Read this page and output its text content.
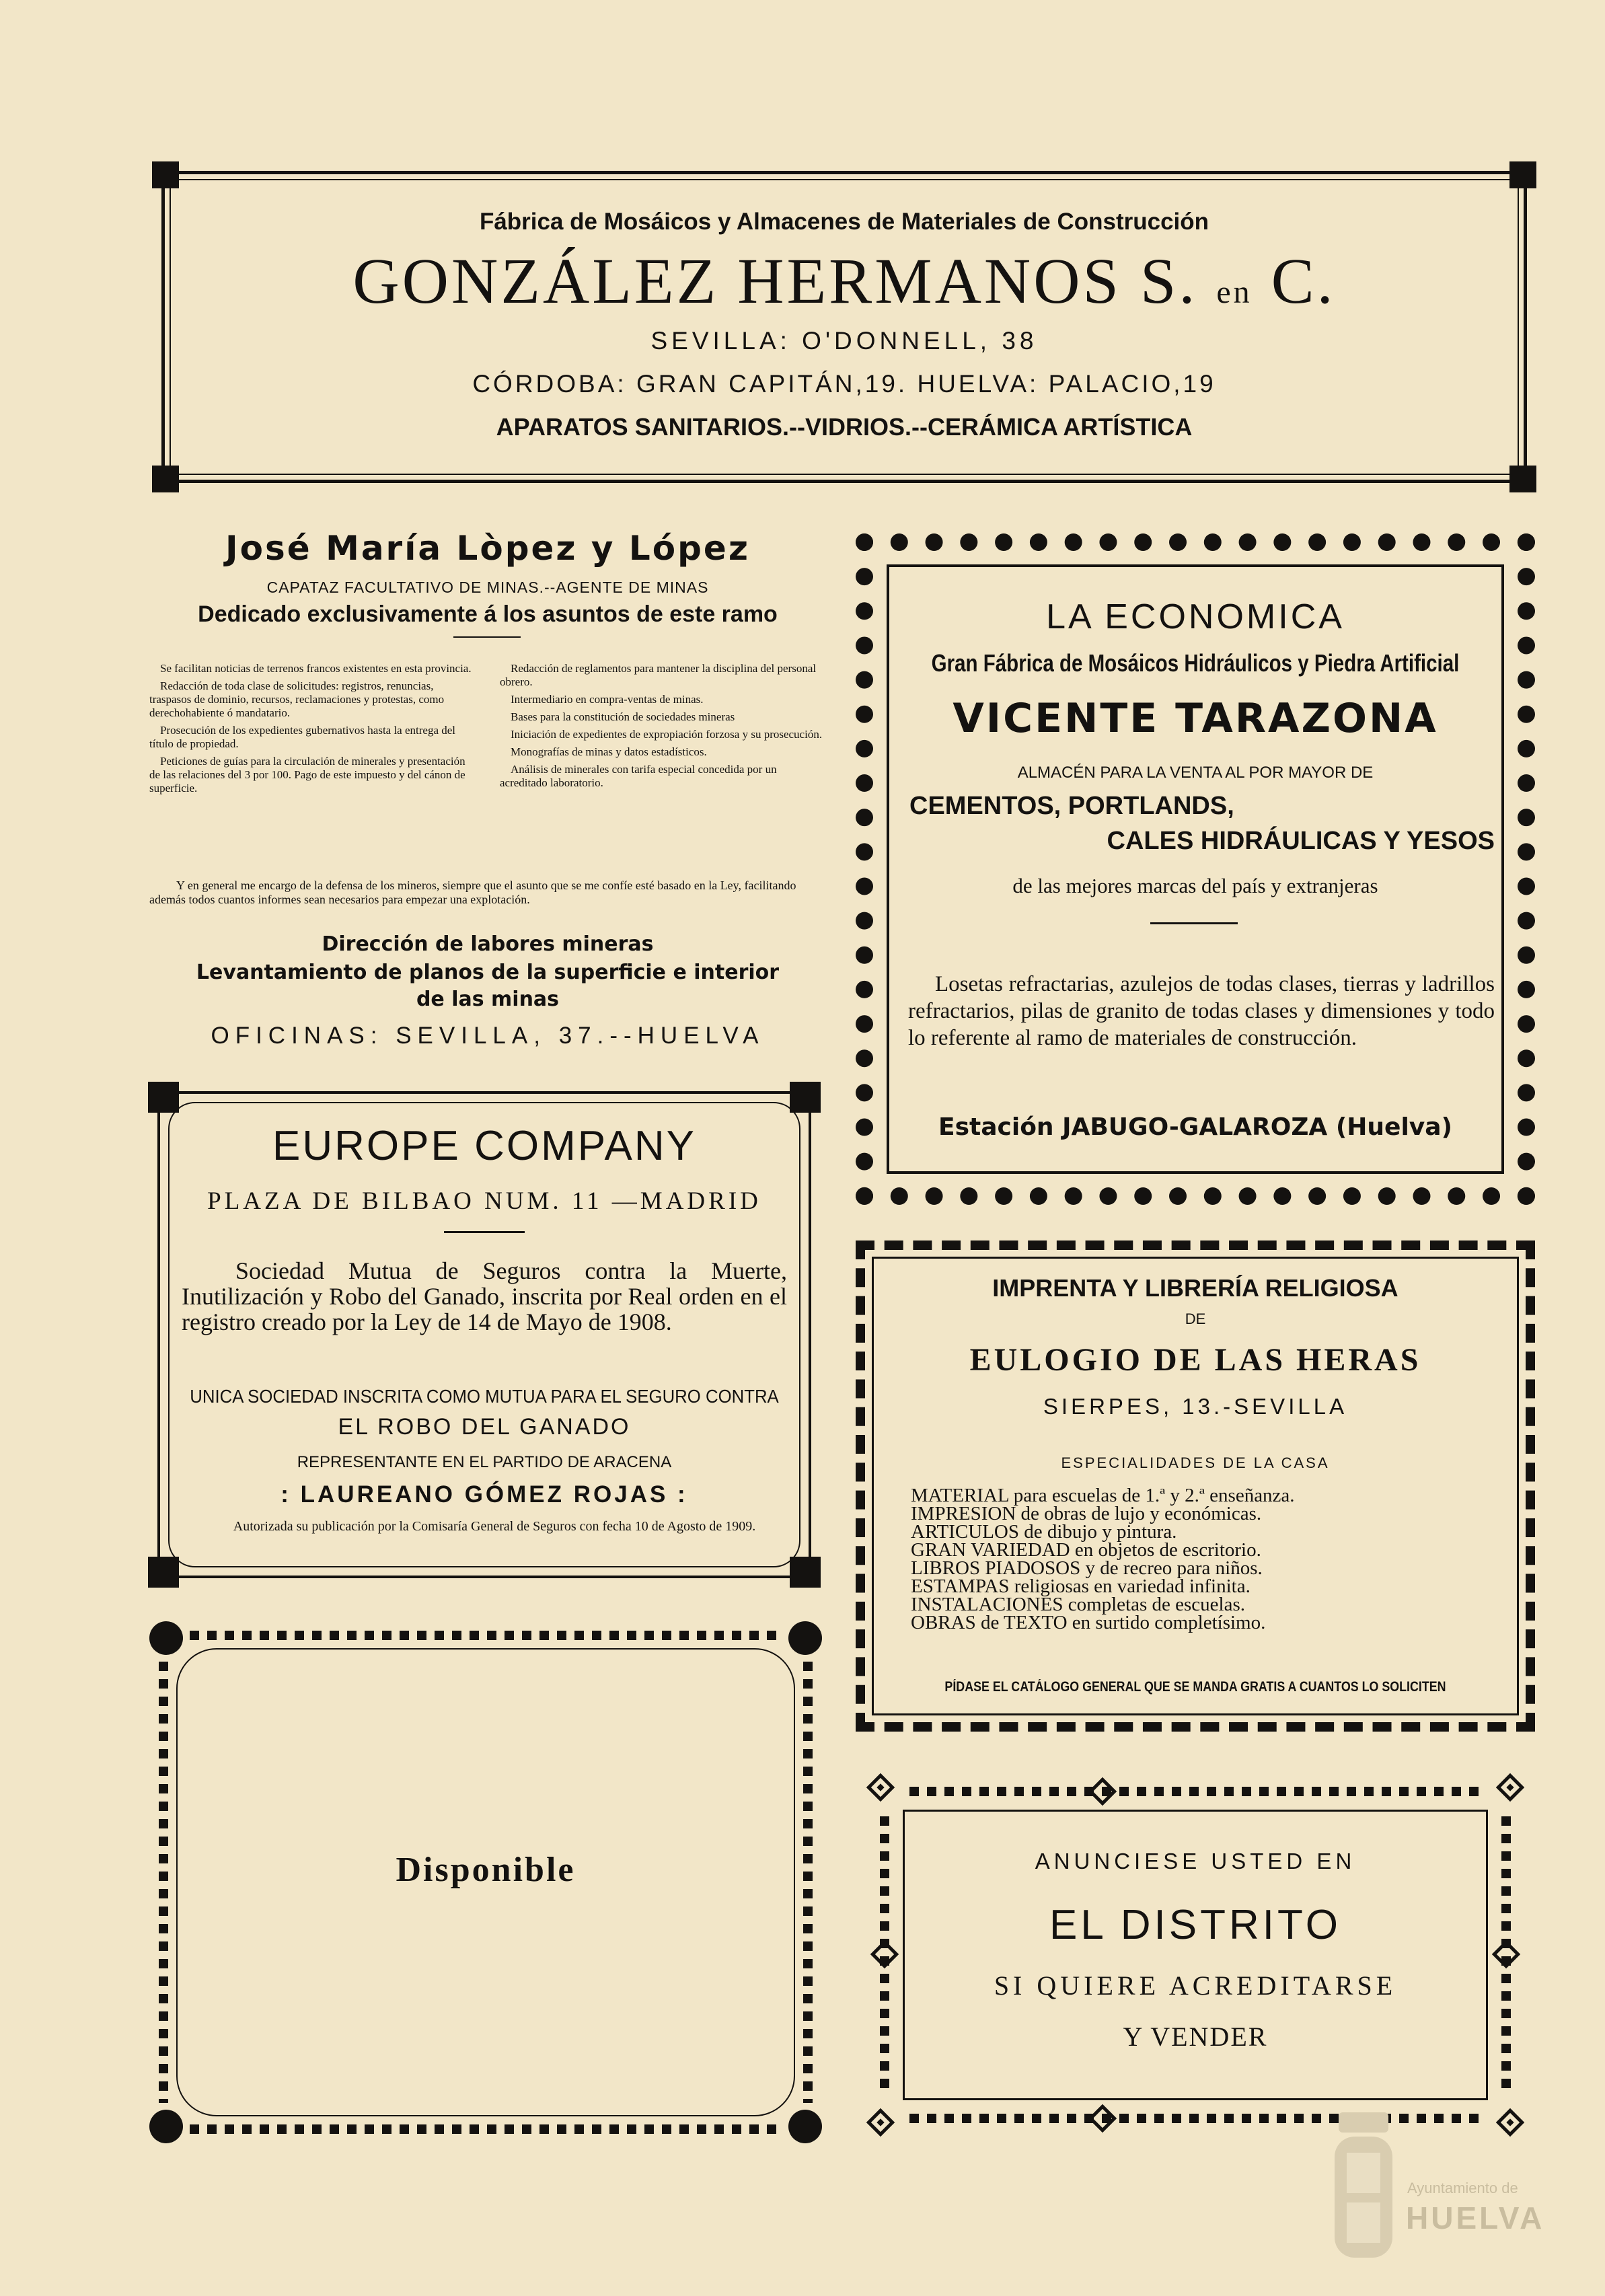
Fábrica de Mosáicos y Almacenes de Materiales de Construcción
GONZÁLEZ HERMANOS S. en C.
SEVILLA: O'DONNELL, 38
CÓRDOBA: GRAN CAPITÁN,19. HUELVA: PALACIO,19
APARATOS SANITARIOS.--VIDRIOS.--CERÁMICA ARTÍSTICA
José María Lòpez y López
CAPATAZ FACULTATIVO DE MINAS.--AGENTE DE MINAS
Dedicado exclusivamente á los asuntos de este ramo

Se facilitan noticias de terrenos francos existentes en esta provincia.

Redacción de toda clase de solicitudes: registros, renuncias, traspasos de dominio, recursos, reclamaciones y protestas, como derechohabiente ó mandatario.

Prosecución de los expedientes gubernativos hasta la entrega del título de propiedad.

Peticiones de guías para la circulación de minerales y presentación de las relaciones del 3 por 100. Pago de este impuesto y del cánon de superficie.

Redacción de reglamentos para mantener la disciplina del personal obrero.

Intermediario en compra-ventas de minas.

Bases para la constitución de sociedades mineras

Iniciación de expedientes de expropiación forzosa y su prosecución.

Monografías de minas y datos estadísticos.

Análisis de minerales con tarifa especial concedida por un acreditado laboratorio.

Y en general me encargo de la defensa de los mineros, siempre que el asunto que se me confíe esté basado en la Ley, facilitando además todos cuantos informes sean necesarios para empezar una explotación.
Dirección de labores mineras
Levantamiento de planos de la superficie e interior
de las minas
OFICINAS: SEVILLA, 37.--HUELVA
LA ECONOMICA
Gran Fábrica de Mosáicos Hidráulicos y Piedra Artificial
VICENTE TARAZONA
ALMACÉN PARA LA VENTA AL POR MAYOR DE
CEMENTOS, PORTLANDS,
CALES HIDRÁULICAS Y YESOS
de las mejores marcas del país y extranjeras
Losetas refractarias, azulejos de todas clases, tierras y ladrillos refractarios, pilas de granito de todas clases y dimensiones y todo lo referente al ramo de materiales de construcción.
Estación JABUGO-GALAROZA (Huelva)
EUROPE COMPANY
PLAZA DE BILBAO NUM. 11 —MADRID
Sociedad Mutua de Seguros contra la Muerte, Inutilización y Robo del Ganado, inscrita por Real orden en el registro creado por la Ley de 14 de Mayo de 1908.
UNICA SOCIEDAD INSCRITA COMO MUTUA PARA EL SEGURO CONTRA
EL ROBO DEL GANADO
REPRESENTANTE EN EL PARTIDO DE ARACENA
: LAUREANO GÓMEZ ROJAS :
Autorizada su publicación por la Comisaría General de Seguros con fecha 10 de Agosto de 1909.
IMPRENTA Y LIBRERÍA RELIGIOSA
DE
EULOGIO DE LAS HERAS
SIERPES, 13.-SEVILLA
ESPECIALIDADES DE LA CASA
MATERIAL para escuelas de 1.ª y 2.ª enseñanza.
IMPRESION de obras de lujo y económicas.
ARTICULOS de dibujo y pintura.
GRAN VARIEDAD en objetos de escritorio.
LIBROS PIADOSOS y de recreo para niños.
ESTAMPAS religiosas en variedad infinita.
INSTALACIONES completas de escuelas.
OBRAS de TEXTO en surtido completísimo.
PÍDASE EL CATÁLOGO GENERAL QUE SE MANDA GRATIS A CUANTOS LO SOLICITEN
Disponible	ANUNCIESE USTED EN
EL DISTRITO
SI QUIERE ACREDITARSE
Y VENDER
Ayuntamiento de
HUELVA
